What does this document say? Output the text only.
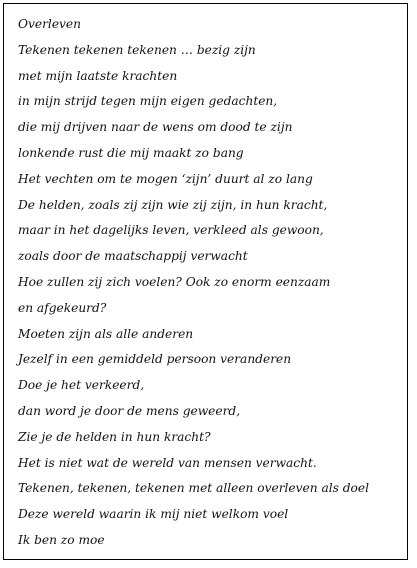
Overleven
Tekenen tekenen tekenen … bezig zijn
met mijn laatste krachten
in mijn strijd tegen mijn eigen gedachten,
die mij drijven naar de wens om dood te zijn
lonkende rust die mij maakt zo bang
Het vechten om te mogen ‘zijn’ duurt al zo lang
De helden, zoals zij zijn wie zij zijn, in hun kracht,
maar in het dagelijks leven, verkleed als gewoon,
zoals door de maatschappij verwacht
Hoe zullen zij zich voelen? Ook zo enorm eenzaam
en afgekeurd?
Moeten zijn als alle anderen
Jezelf in een gemiddeld persoon veranderen
Doe je het verkeerd,
dan word je door de mens geweerd,
Zie je de helden in hun kracht?
Het is niet wat de wereld van mensen verwacht.
Tekenen, tekenen, tekenen met alleen overleven als doel
Deze wereld waarin ik mij niet welkom voel
Ik ben zo moe
